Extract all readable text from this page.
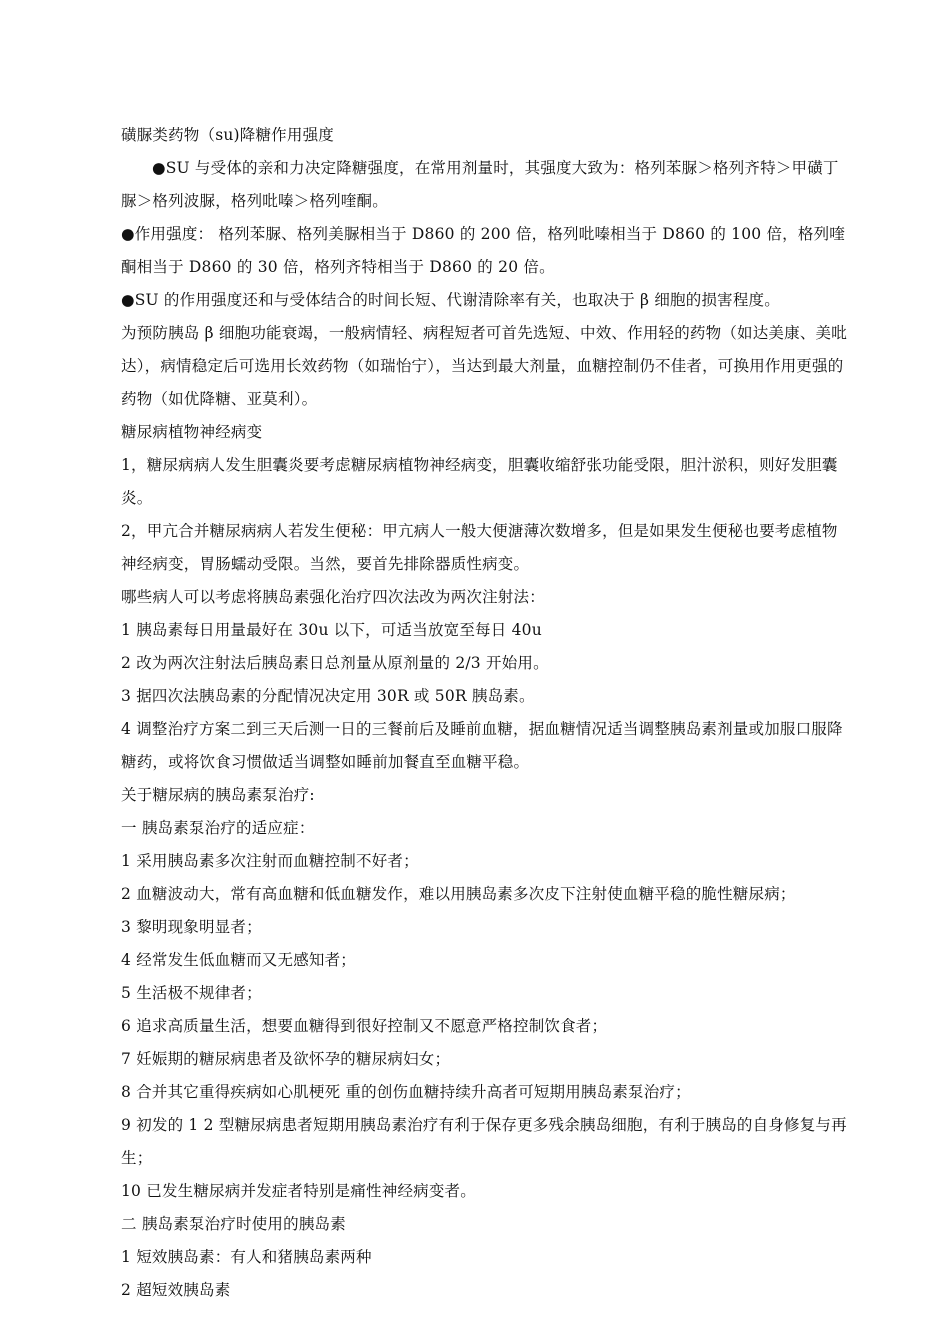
磺脲类药物（su)降糖作用强度

●SU 与受体的亲和力决定降糖强度，在常用剂量时，其强度大致为：格列苯脲＞格列齐特＞甲磺丁脲＞格列波脲，格列吡嗪＞格列喹酮。

●作用强度： 格列苯脲、格列美脲相当于 D860 的 200 倍，格列吡嗪相当于 D860 的 100 倍，格列喹酮相当于 D860 的 30 倍，格列齐特相当于 D860 的 20 倍。

●SU 的作用强度还和与受体结合的时间长短、代谢清除率有关，也取决于 β 细胞的损害程度。

为预防胰岛 β 细胞功能衰竭，一般病情轻、病程短者可首先选短、中效、作用轻的药物（如达美康、美吡达），病情稳定后可选用长效药物（如瑞怡宁），当达到最大剂量，血糖控制仍不佳者，可换用作用更强的药物（如优降糖、亚莫利）。

糖尿病植物神经病变

1，糖尿病病人发生胆囊炎要考虑糖尿病植物神经病变，胆囊收缩舒张功能受限，胆汁淤积，则好发胆囊炎。

2，甲亢合并糖尿病病人若发生便秘：甲亢病人一般大便溏薄次数增多，但是如果发生便秘也要考虑植物神经病变，胃肠蠕动受限。当然，要首先排除器质性病变。

哪些病人可以考虑将胰岛素强化治疗四次法改为两次注射法：

1 胰岛素每日用量最好在 30u 以下，可适当放宽至每日 40u

2 改为两次注射法后胰岛素日总剂量从原剂量的 2/3 开始用。

3 据四次法胰岛素的分配情况决定用 30R 或 50R 胰岛素。

4 调整治疗方案二到三天后测一日的三餐前后及睡前血糖，据血糖情况适当调整胰岛素剂量或加服口服降糖药，或将饮食习惯做适当调整如睡前加餐直至血糖平稳。

关于糖尿病的胰岛素泵治疗:

一 胰岛素泵治疗的适应症：

1 采用胰岛素多次注射而血糖控制不好者；

2 血糖波动大，常有高血糖和低血糖发作，难以用胰岛素多次皮下注射使血糖平稳的脆性糖尿病；

3 黎明现象明显者；

4 经常发生低血糖而又无感知者；

5 生活极不规律者；

6 追求高质量生活，想要血糖得到很好控制又不愿意严格控制饮食者；

7 妊娠期的糖尿病患者及欲怀孕的糖尿病妇女；

8 合并其它重得疾病如心肌梗死 重的创伤血糖持续升高者可短期用胰岛素泵治疗；

9 初发的 1 2 型糖尿病患者短期用胰岛素治疗有利于保存更多残余胰岛细胞，有利于胰岛的自身修复与再生；

10 已发生糖尿病并发症者特别是痛性神经病变者。

二 胰岛素泵治疗时使用的胰岛素

1 短效胰岛素：有人和猪胰岛素两种

2 超短效胰岛素
